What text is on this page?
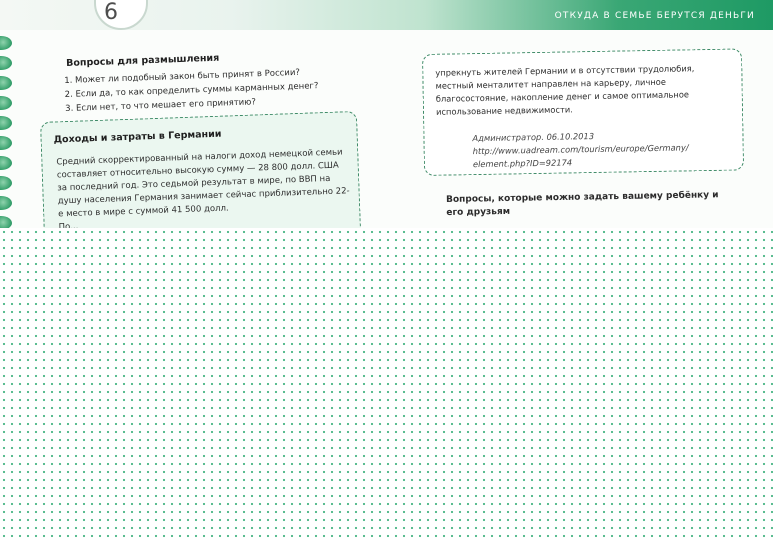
6	ОТКУДА В СЕМЬЕ БЕРУТСЯ ДЕНЬГИ
Вопросы для размышления
1. Может ли подобный закон быть принят в России?
2. Если да, то как определить суммы карманных денег?
3. Если нет, то что мешает его принятию?
Доходы и затраты в Германии
Средний скорректированный на налоги доход немецкой семьи составляет относительно высокую сумму — 28 800 долл. США за последний год. Это седьмой результат в мире, по ВВП на душу населения Германия занимает сейчас приблизительно 22-е место в мире с суммой 41 500 долл.
упрекнуть жителей Германии и в отсутствии трудолюбия, местный менталитет направлен на карьеру, личное благосостояние, накопление денег и самое оптимальное использование недвижимости.
Администратор. 06.10.2013
http://www.uadream.com/tourism/europe/Germany/
element.php?ID=92174
Вопросы, которые можно задать вашему ребёнку и его друзьям
